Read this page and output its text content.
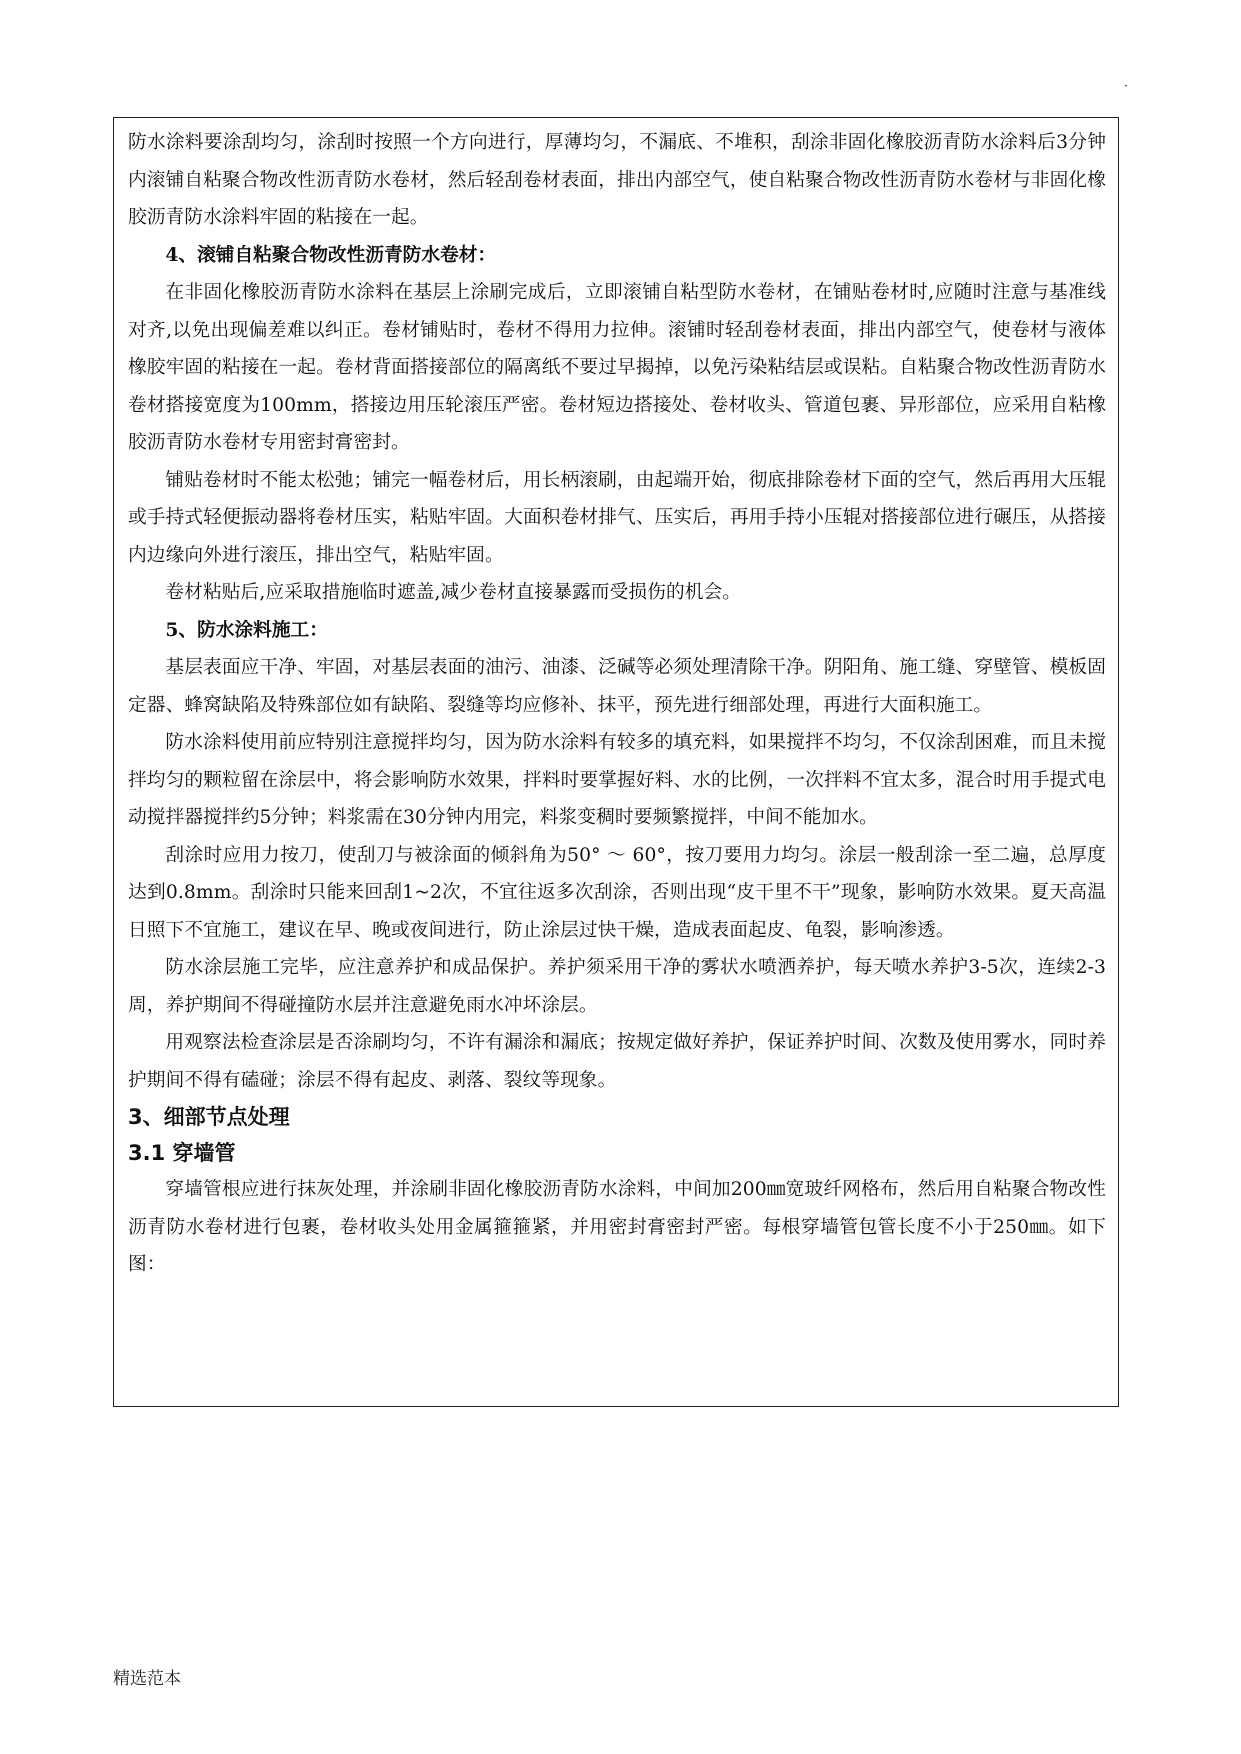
·

防水涂料要涂刮均匀，涂刮时按照一个方向进行，厚薄均匀，不漏底、不堆积，刮涂非固化橡胶沥青防水涂料后3分钟内滚铺自粘聚合物改性沥青防水卷材，然后轻刮卷材表面，排出内部空气，使自粘聚合物改性沥青防水卷材与非固化橡胶沥青防水涂料牢固的粘接在一起。

4、滚铺自粘聚合物改性沥青防水卷材：

在非固化橡胶沥青防水涂料在基层上涂刷完成后，立即滚铺自粘型防水卷材，在铺贴卷材时,应随时注意与基准线对齐,以免出现偏差难以纠正。卷材铺贴时，卷材不得用力拉伸。滚铺时轻刮卷材表面，排出内部空气，使卷材与液体橡胶牢固的粘接在一起。卷材背面搭接部位的隔离纸不要过早揭掉，以免污染粘结层或误粘。自粘聚合物改性沥青防水卷材搭接宽度为100mm，搭接边用压轮滚压严密。卷材短边搭接处、卷材收头、管道包裹、异形部位，应采用自粘橡胶沥青防水卷材专用密封膏密封。

铺贴卷材时不能太松弛；铺完一幅卷材后，用长柄滚刷，由起端开始，彻底排除卷材下面的空气，然后再用大压辊或手持式轻便振动器将卷材压实，粘贴牢固。大面积卷材排气、压实后，再用手持小压辊对搭接部位进行碾压，从搭接内边缘向外进行滚压，排出空气，粘贴牢固。

卷材粘贴后,应采取措施临时遮盖,减少卷材直接暴露而受损伤的机会。

5、防水涂料施工：

基层表面应干净、牢固，对基层表面的油污、油漆、泛碱等必须处理清除干净。阴阳角、施工缝、穿壁管、模板固定器、蜂窝缺陷及特殊部位如有缺陷、裂缝等均应修补、抹平，预先进行细部处理，再进行大面积施工。

防水涂料使用前应特别注意搅拌均匀，因为防水涂料有较多的填充料，如果搅拌不均匀，不仅涂刮困难，而且未搅拌均匀的颗粒留在涂层中，将会影响防水效果，拌料时要掌握好料、水的比例，一次拌料不宜太多，混合时用手提式电动搅拌器搅拌约5分钟；料浆需在30分钟内用完，料浆变稠时要频繁搅拌，中间不能加水。

刮涂时应用力按刀，使刮刀与被涂面的倾斜角为50° ～ 60°，按刀要用力均匀。涂层一般刮涂一至二遍，总厚度达到0.8mm。刮涂时只能来回刮1~2次，不宜往返多次刮涂，否则出现“皮干里不干”现象，影响防水效果。夏天高温日照下不宜施工，建议在早、晚或夜间进行，防止涂层过快干燥，造成表面起皮、龟裂，影响渗透。

防水涂层施工完毕，应注意养护和成品保护。养护须采用干净的雾状水喷洒养护，每天喷水养护3-5次，连续2-3周，养护期间不得碰撞防水层并注意避免雨水冲坏涂层。

用观察法检查涂层是否涂刷均匀，不许有漏涂和漏底；按规定做好养护，保证养护时间、次数及使用雾水，同时养护期间不得有磕碰；涂层不得有起皮、剥落、裂纹等现象。

3、细部节点处理

3.1 穿墙管

穿墙管根应进行抹灰处理，并涂刷非固化橡胶沥青防水涂料，中间加200㎜宽玻纤网格布，然后用自粘聚合物改性沥青防水卷材进行包裹，卷材收头处用金属箍箍紧，并用密封膏密封严密。每根穿墙管包管长度不小于250㎜。如下图：

精选范本
